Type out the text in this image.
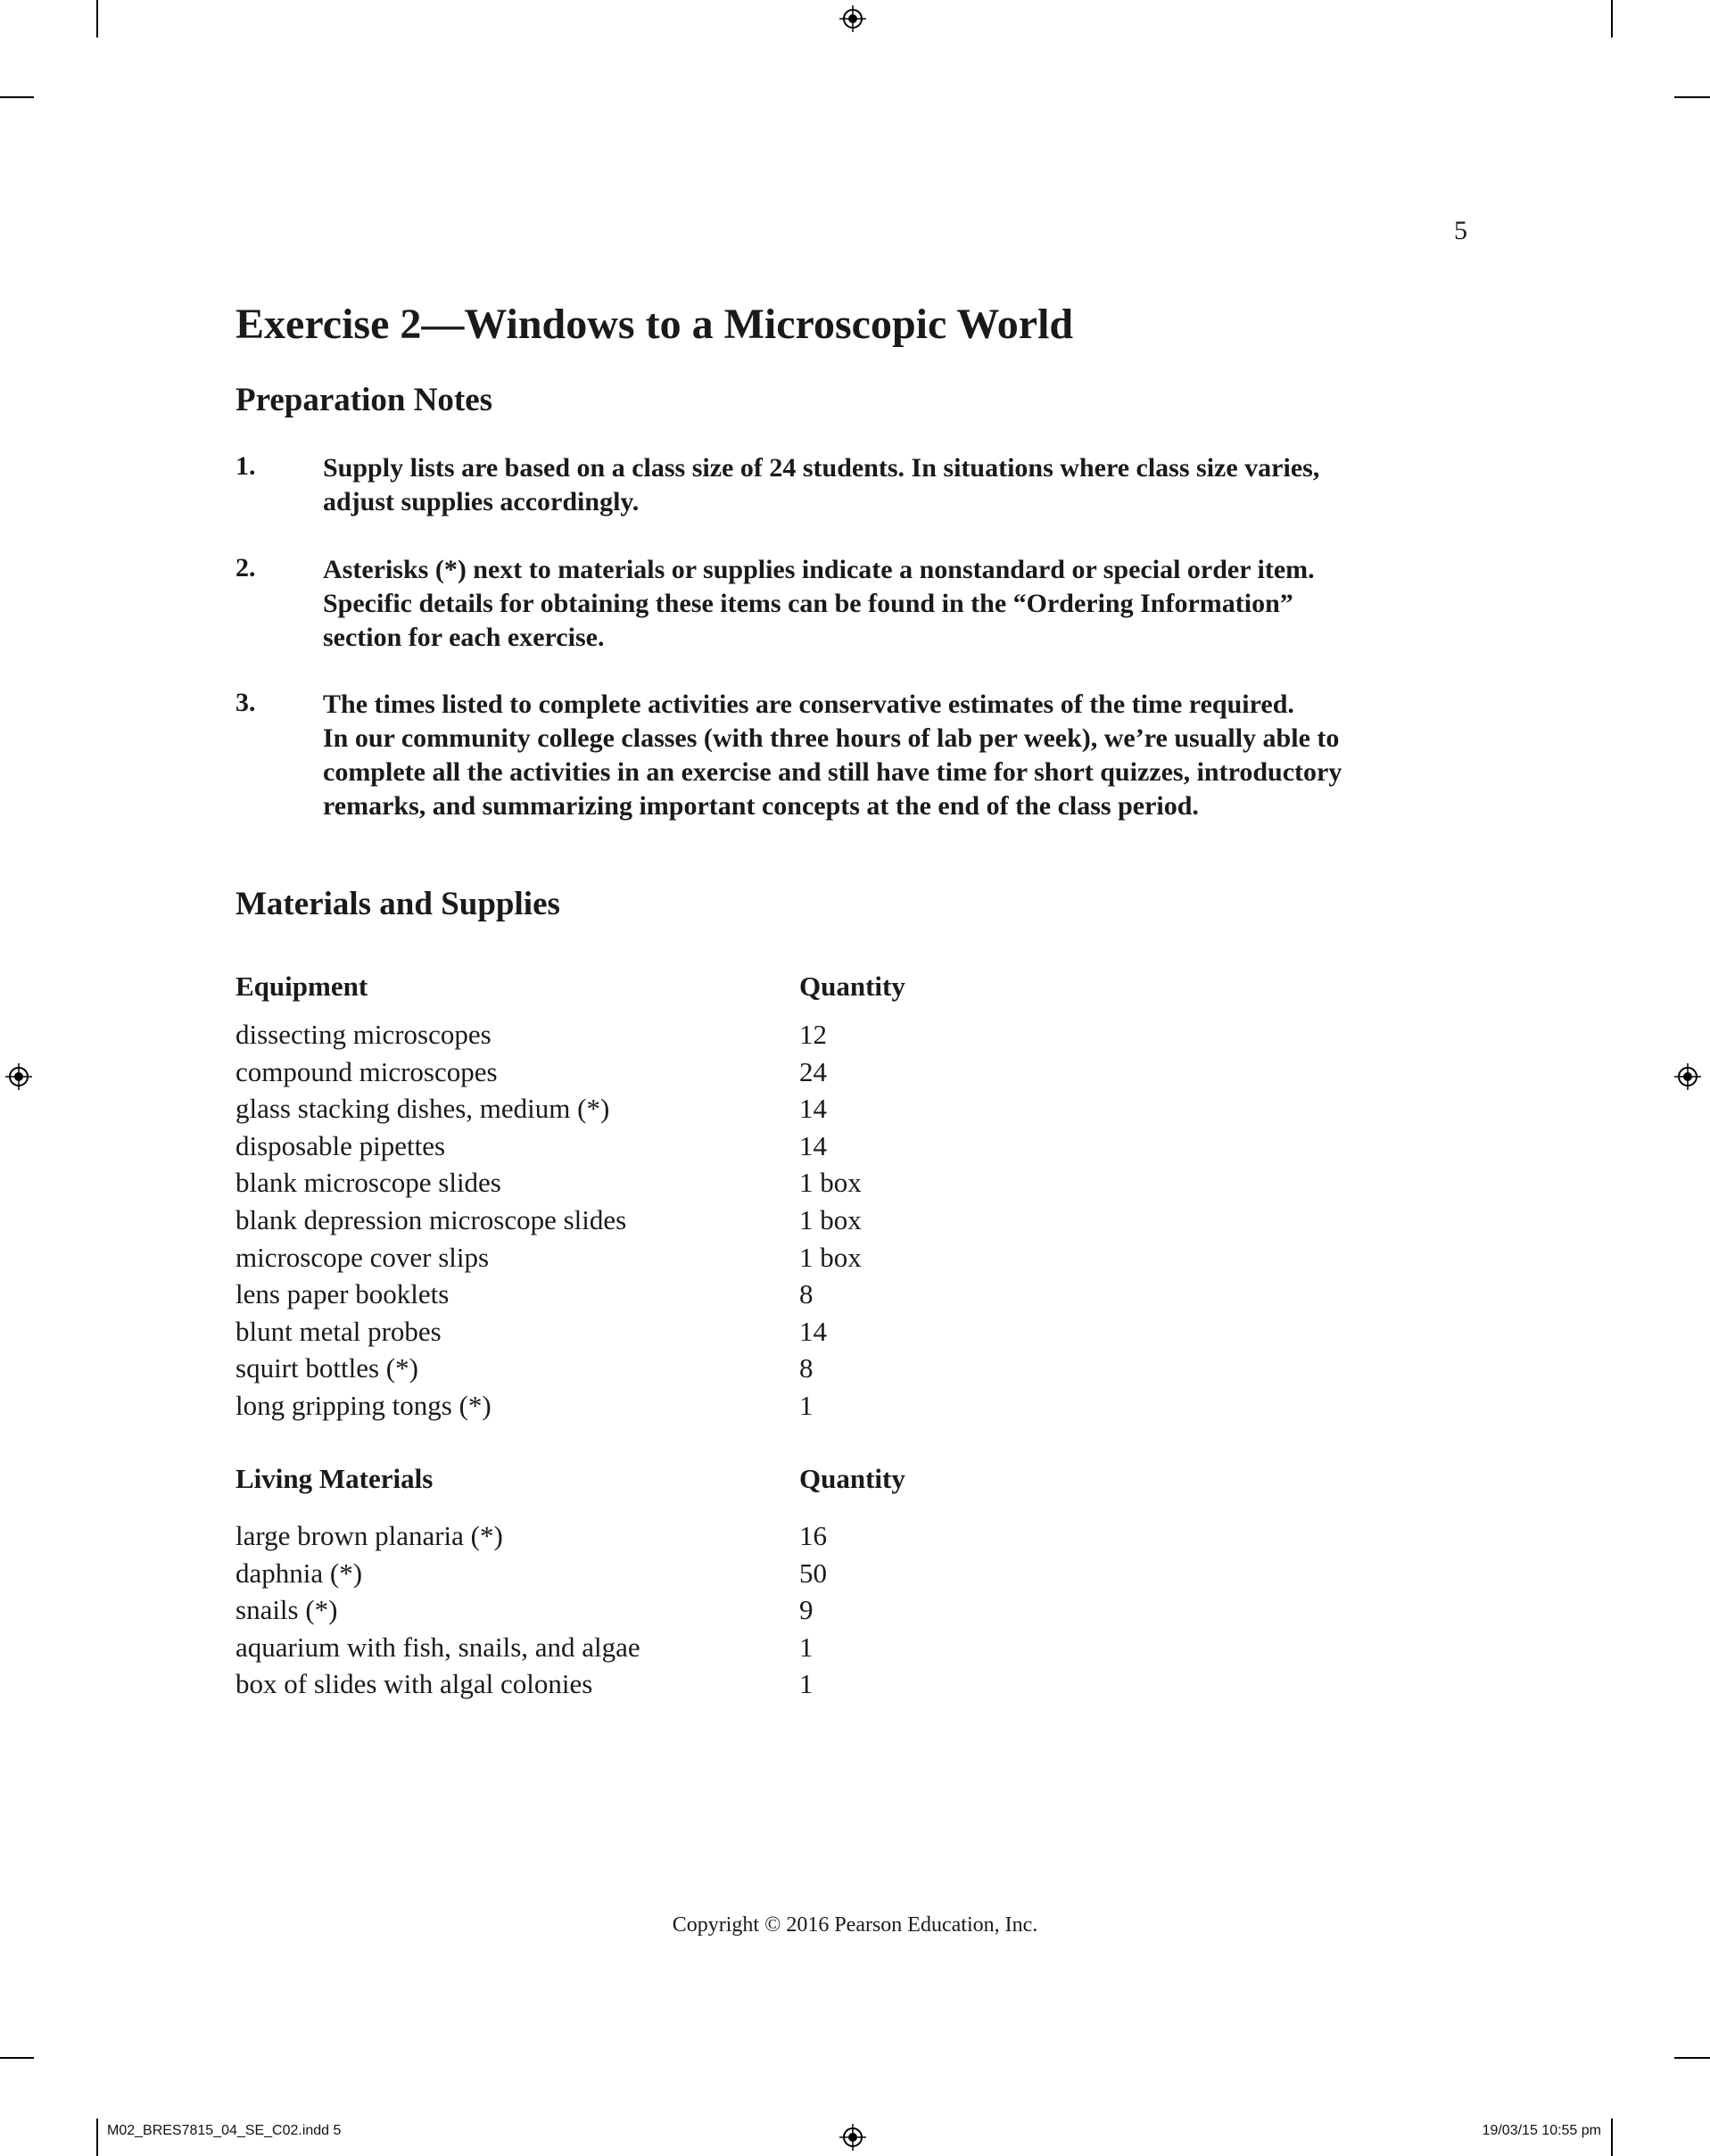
5
Exercise 2—Windows to a Microscopic World
Preparation Notes
1.	Supply lists are based on a class size of 24 students. In situations where class size varies,
adjust supplies accordingly.
2.	Asterisks (*) next to materials or supplies indicate a nonstandard or special order item.
Specific details for obtaining these items can be found in the “Ordering Information”
section for each exercise.
3.	The times listed to complete activities are conservative estimates of the time required.
In our community college classes (with three hours of lab per week), we’re usually able to
complete all the activities in an exercise and still have time for short quizzes, introductory
remarks, and summarizing important concepts at the end of the class period.
Materials and Supplies
Equipment	Quantity
dissecting microscopes	12
compound microscopes	24
glass stacking dishes, medium (*)	14
disposable pipettes	14
blank microscope slides	1 box
blank depression microscope slides	1 box
microscope cover slips	1 box
lens paper booklets	8
blunt metal probes	14
squirt bottles (*)	8
long gripping tongs (*)	1
Living Materials	Quantity
large brown planaria (*)	16
daphnia (*)	50
snails (*)	9
aquarium with fish, snails, and algae	1
box of slides with algal colonies	1
Copyright © 2016 Pearson Education, Inc.
M02_BRES7815_04_SE_C02.indd 5	19/03/15 10:55 pm
